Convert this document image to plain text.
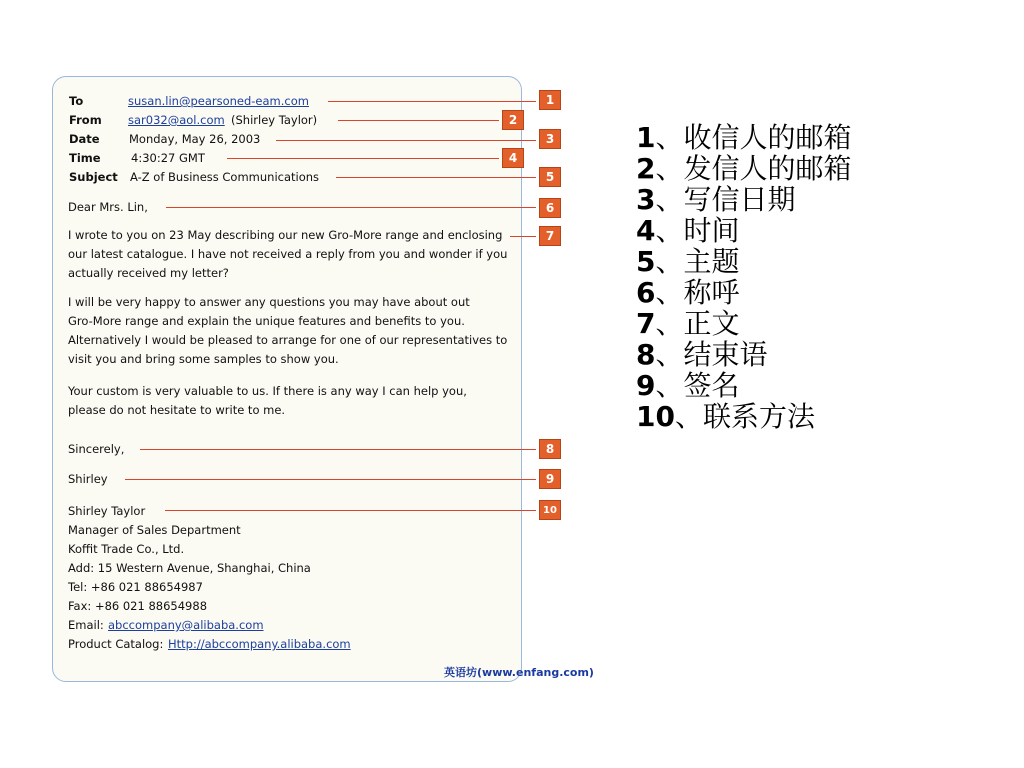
To	susan.lin@pearsoned-eam.com
From sar032@aol.com (Shirley Taylor)
Date	Monday, May 26, 2003
Time	4:30:27 GMT
Subject A-Z of Business Communications
Dear Mrs. Lin,
I wrote to you on 23 May describing our new Gro-More range and enclosing
our latest catalogue. I have not received a reply from you and wonder if you
actually received my letter?
I will be very happy to answer any questions you may have about out
Gro-More range and explain the unique features and benefits to you.
Alternatively I would be pleased to arrange for one of our representatives to
visit you and bring some samples to show you.
Your custom is very valuable to us. If there is any way I can help you,
please do not hesitate to write to me.
Sincerely,
Shirley
Shirley Taylor
Manager of Sales Department
Koffit Trade Co., Ltd.
Add: 15 Western Avenue, Shanghai, China
Tel: +86 021 88654987
Fax: +86 021 88654988
Email: abccompany@alibaba.com
Product Catalog: Http://abccompany.alibaba.com
1
2
3
4
5
6
7
8
9
10
1、收信人的邮箱
2、发信人的邮箱
3、写信日期
4、时间
5、主题
6、称呼
7、正文
8、结束语
9、签名
10、联系方法
英语坊(www.enfang.com)
